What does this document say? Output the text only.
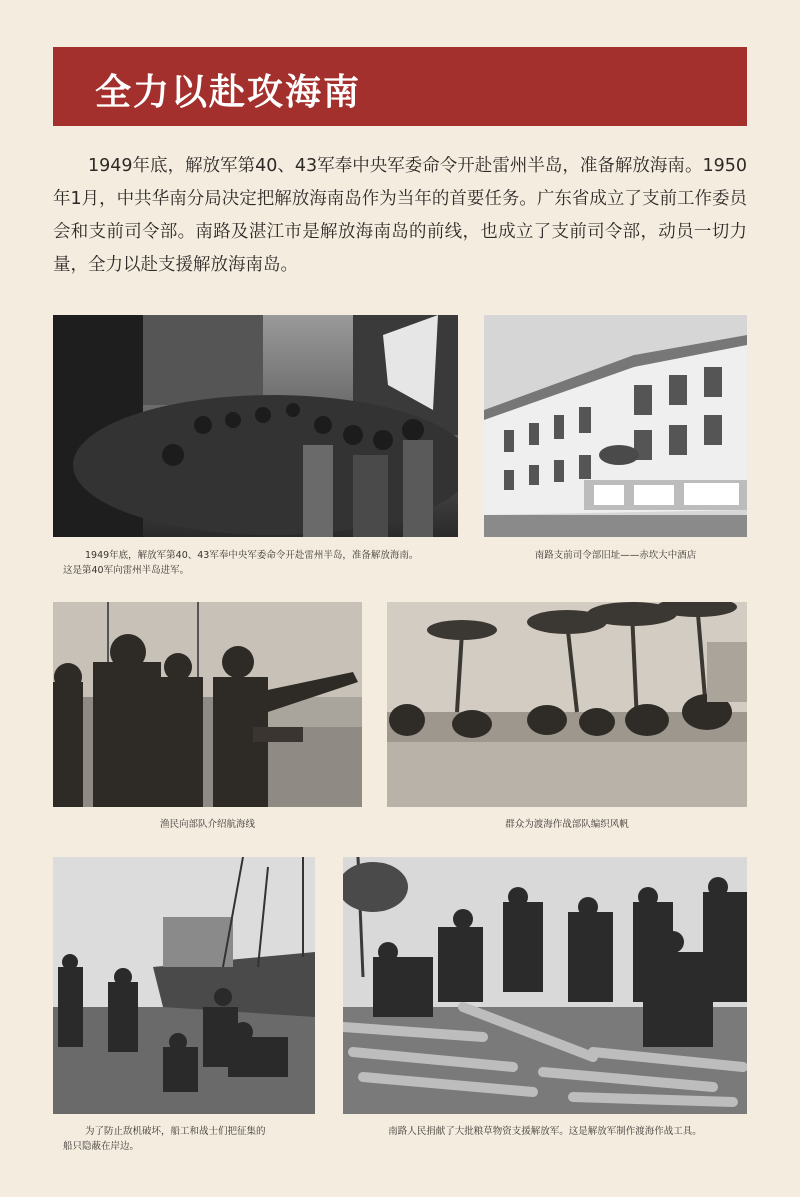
全力以赴攻海南

1949年底，解放军第40、43军奉中央军委命令开赴雷州半岛，准备解放海南。1950年1月，中共华南分局决定把解放海南岛作为当年的首要任务。广东省成立了支前工作委员会和支前司令部。南路及湛江市是解放海南岛的前线，也成立了支前司令部，动员一切力量，全力以赴支援解放海南岛。

1949年底，解放军第40、43军奉中央军委命令开赴雷州半岛，准备解放海南。
这是第40军向雷州半岛进军。

南路支前司令部旧址——赤坎大中酒店

渔民向部队介绍航海线	群众为渡海作战部队编织风帆

为了防止敌机破坏，船工和战士们把征集的
船只隐蔽在岸边。

南路人民捐献了大批粮草物资支援解放军。这是解放军制作渡海作战工具。
